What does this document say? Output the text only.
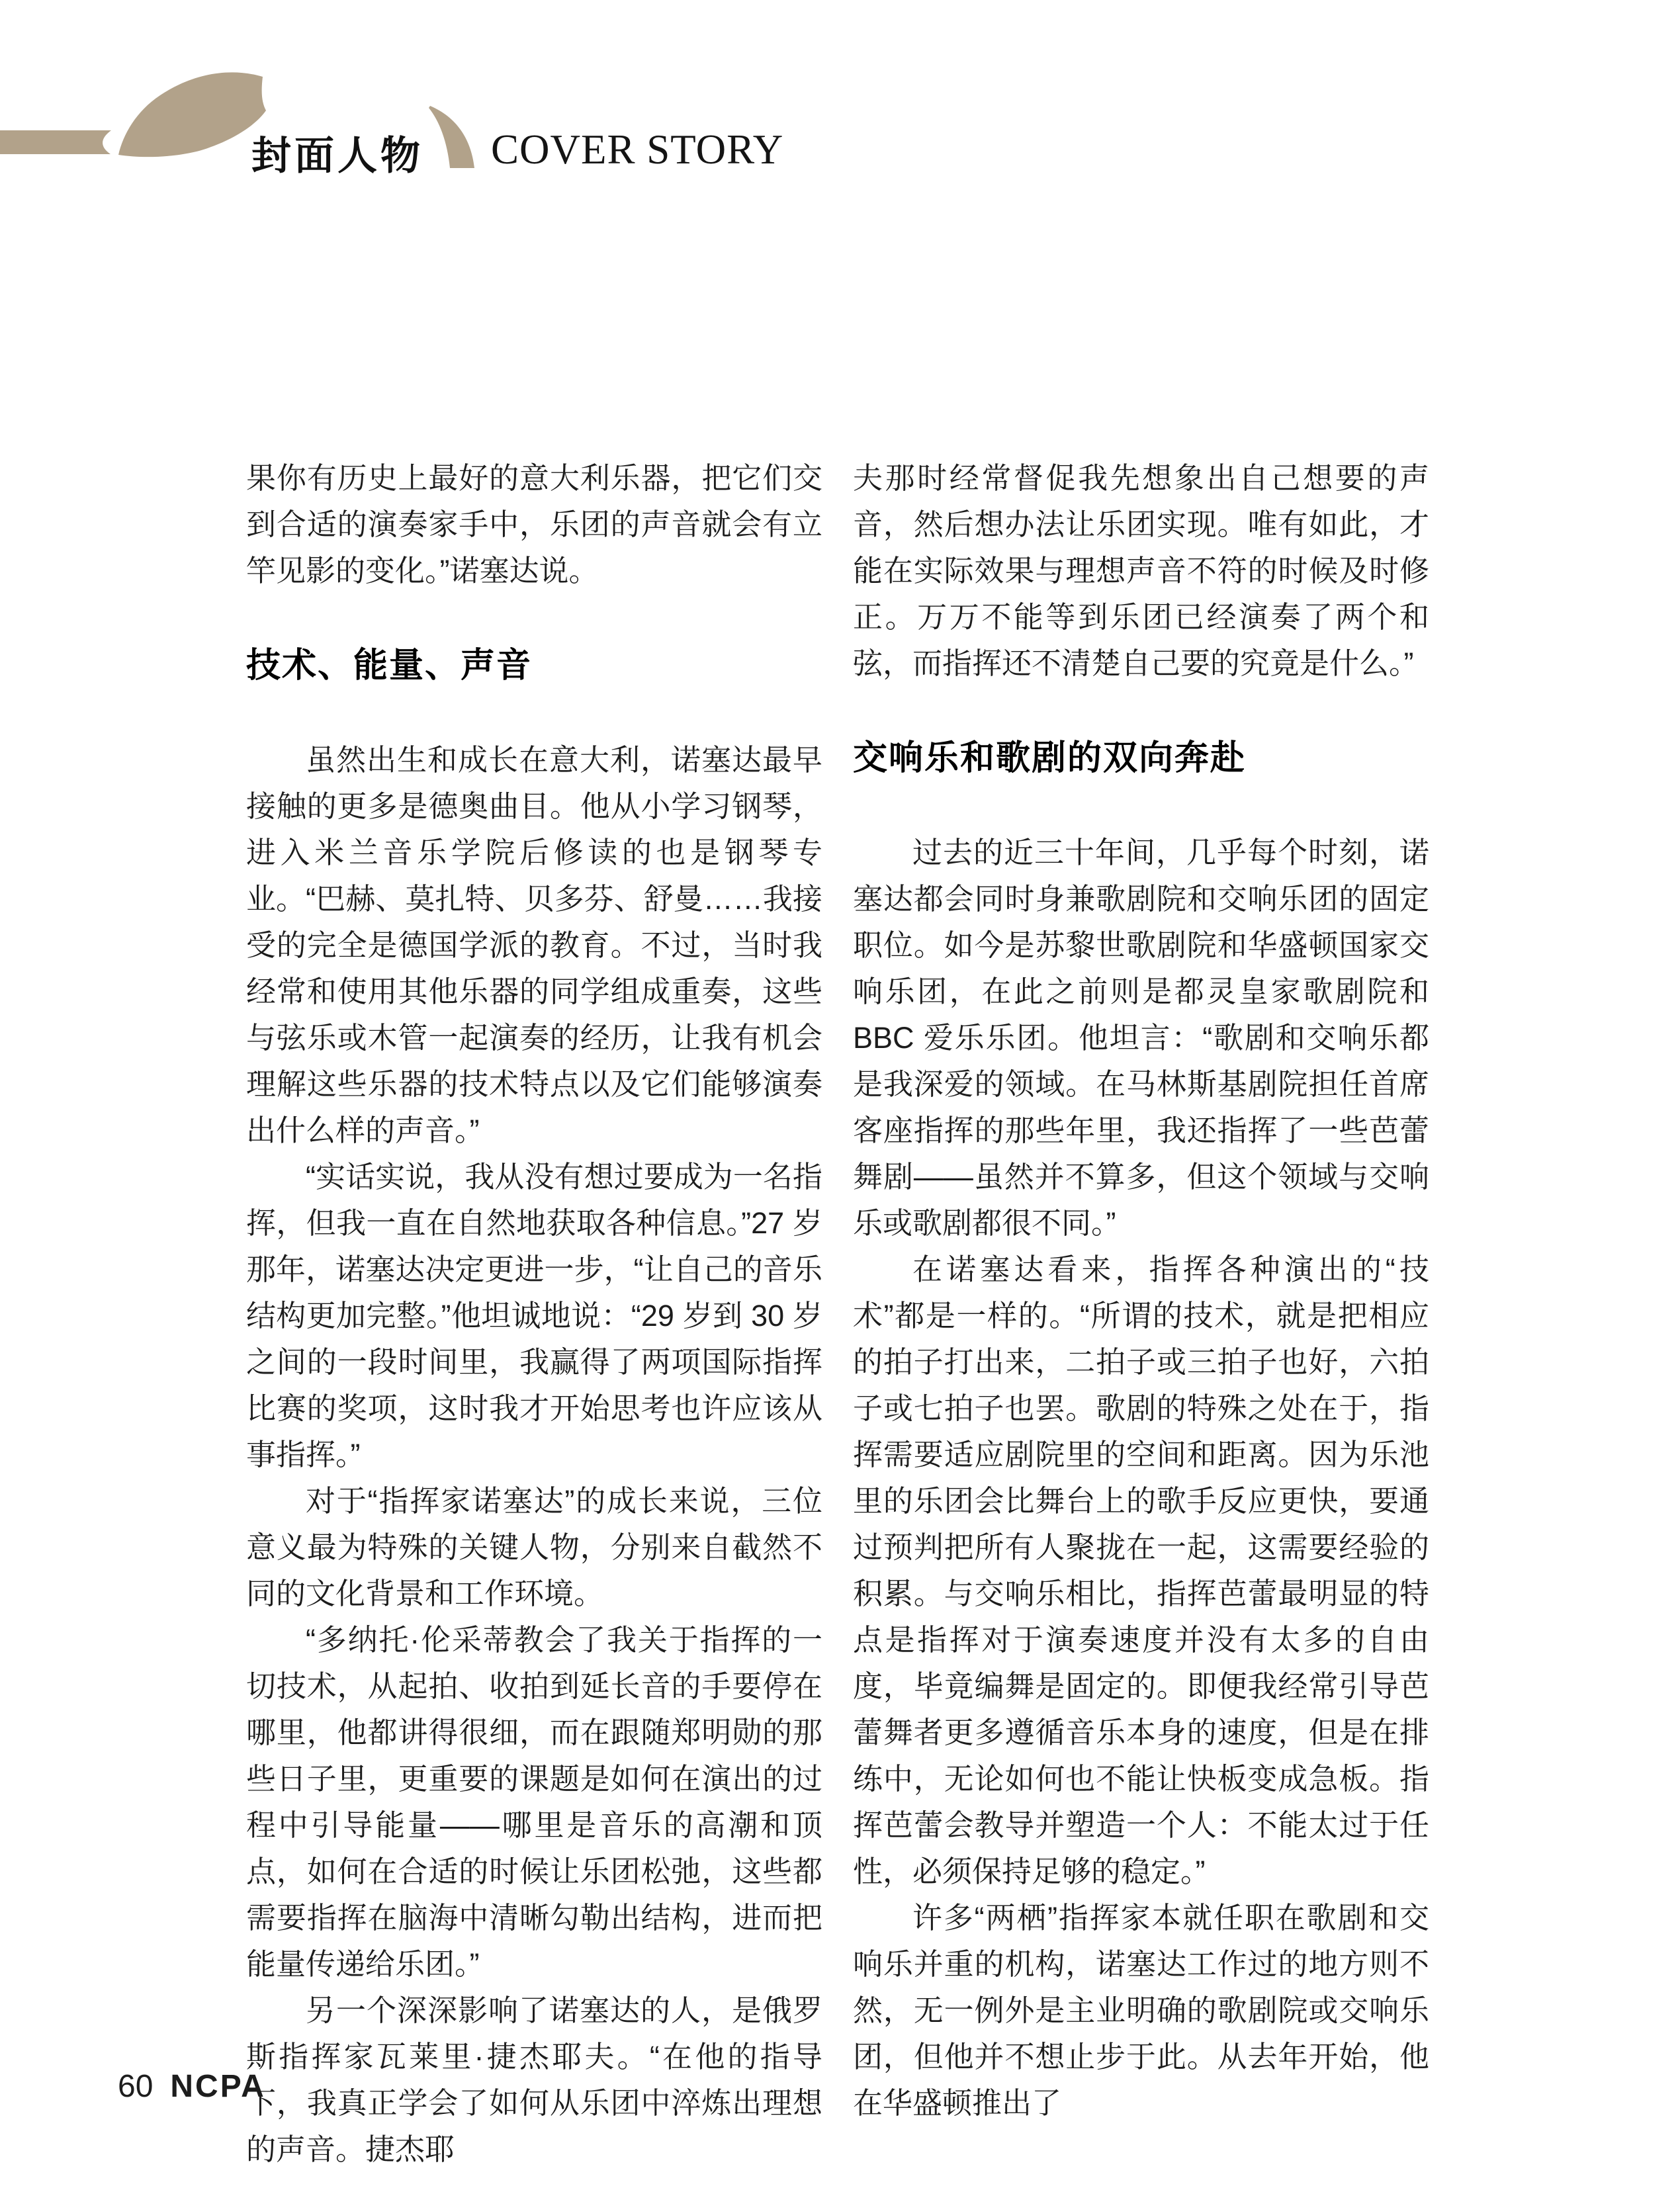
封面人物 COVER STORY

果你有历史上最好的意大利乐器，把它们交到合适的演奏家手中，乐团的声音就会有立竿见影的变化。”诺塞达说。

技术、能量、声音

虽然出生和成长在意大利，诺塞达最早接触的更多是德奥曲目。他从小学习钢琴，进入米兰音乐学院后修读的也是钢琴专业。“巴赫、莫扎特、贝多芬、舒曼……我接受的完全是德国学派的教育。不过，当时我经常和使用其他乐器的同学组成重奏，这些与弦乐或木管一起演奏的经历，让我有机会理解这些乐器的技术特点以及它们能够演奏出什么样的声音。”

“实话实说，我从没有想过要成为一名指挥，但我一直在自然地获取各种信息。”27 岁那年，诺塞达决定更进一步，“让自己的音乐结构更加完整。”他坦诚地说：“29 岁到 30 岁之间的一段时间里，我赢得了两项国际指挥比赛的奖项，这时我才开始思考也许应该从事指挥。”

对于“指挥家诺塞达”的成长来说，三位意义最为特殊的关键人物，分别来自截然不同的文化背景和工作环境。

“多纳托·伦采蒂教会了我关于指挥的一切技术，从起拍、收拍到延长音的手要停在哪里，他都讲得很细，而在跟随郑明勋的那些日子里，更重要的课题是如何在演出的过程中引导能量——哪里是音乐的高潮和顶点，如何在合适的时候让乐团松弛，这些都需要指挥在脑海中清晰勾勒出结构，进而把能量传递给乐团。”

另一个深深影响了诺塞达的人，是俄罗斯指挥家瓦莱里·捷杰耶夫。“在他的指导下，我真正学会了如何从乐团中淬炼出理想的声音。捷杰耶

夫那时经常督促我先想象出自己想要的声音，然后想办法让乐团实现。唯有如此，才能在实际效果与理想声音不符的时候及时修正。万万不能等到乐团已经演奏了两个和弦，而指挥还不清楚自己要的究竟是什么。”

交响乐和歌剧的双向奔赴

过去的近三十年间，几乎每个时刻，诺塞达都会同时身兼歌剧院和交响乐团的固定职位。如今是苏黎世歌剧院和华盛顿国家交响乐团，在此之前则是都灵皇家歌剧院和 BBC 爱乐乐团。他坦言：“歌剧和交响乐都是我深爱的领域。在马林斯基剧院担任首席客座指挥的那些年里，我还指挥了一些芭蕾舞剧——虽然并不算多，但这个领域与交响乐或歌剧都很不同。”

在诺塞达看来，指挥各种演出的“技术”都是一样的。“所谓的技术，就是把相应的拍子打出来，二拍子或三拍子也好，六拍子或七拍子也罢。歌剧的特殊之处在于，指挥需要适应剧院里的空间和距离。因为乐池里的乐团会比舞台上的歌手反应更快，要通过预判把所有人聚拢在一起，这需要经验的积累。与交响乐相比，指挥芭蕾最明显的特点是指挥对于演奏速度并没有太多的自由度，毕竟编舞是固定的。即便我经常引导芭蕾舞者更多遵循音乐本身的速度，但是在排练中，无论如何也不能让快板变成急板。指挥芭蕾会教导并塑造一个人：不能太过于任性，必须保持足够的稳定。”

许多“两栖”指挥家本就任职在歌剧和交响乐并重的机构，诺塞达工作过的地方则不然，无一例外是主业明确的歌剧院或交响乐团，但他并不想止步于此。从去年开始，他在华盛顿推出了

60 NCPA
